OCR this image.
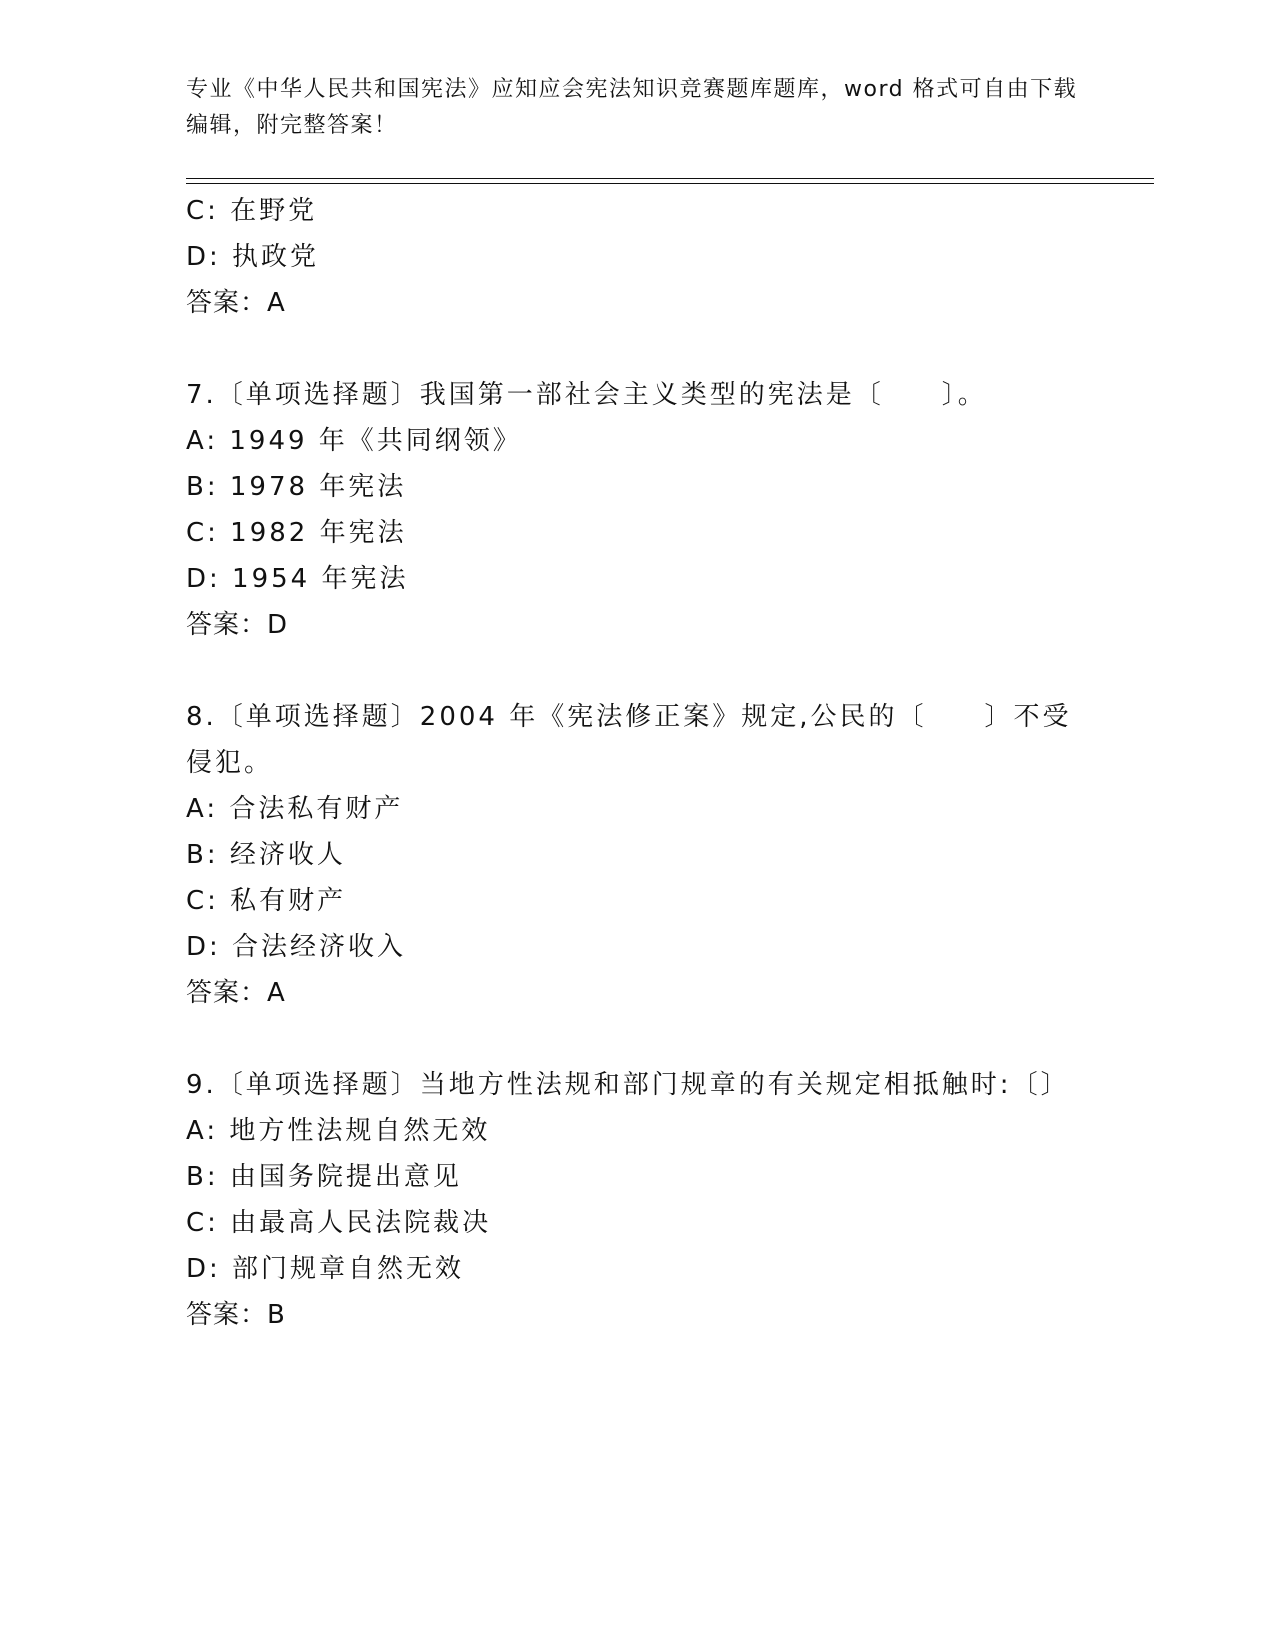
专业《中华人民共和国宪法》应知应会宪法知识竞赛题库题库，word 格式可自由下载编辑，附完整答案！
C: 在野党
D: 执政党
答案：A
7.〔单项选择题〕我国第一部社会主义类型的宪法是〔　　〕。
A: 1949 年《共同纲领》
B: 1978 年宪法
C: 1982 年宪法
D: 1954 年宪法
答案：D
8.〔单项选择题〕2004 年《宪法修正案》规定,公民的〔　　〕不受侵犯。
A: 合法私有财产
B: 经济收人
C: 私有财产
D: 合法经济收入
答案：A
9.〔单项选择题〕当地方性法规和部门规章的有关规定相抵触时:〔〕
A: 地方性法规自然无效
B: 由国务院提出意见
C: 由最高人民法院裁决
D: 部门规章自然无效
答案：B
